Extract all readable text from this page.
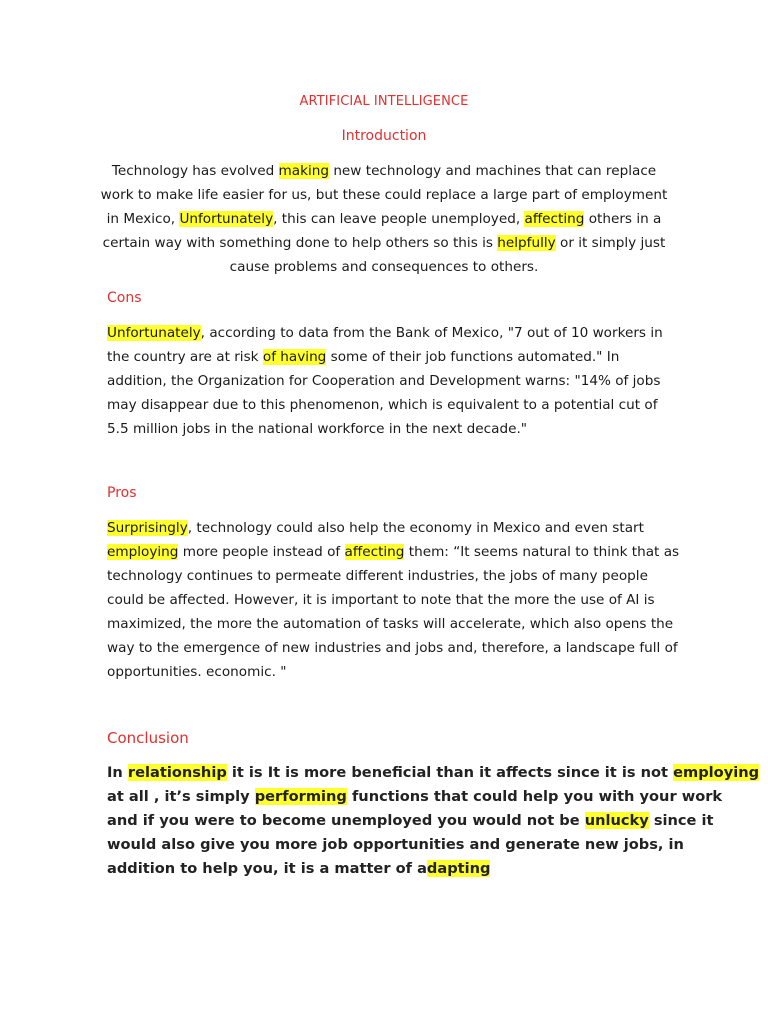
ARTIFICIAL INTELLIGENCE
Introduction

Technology has evolved making new technology and machines that can replace
work to make life easier for us, but these could replace a large part of employment
in Mexico, Unfortunately, this can leave people unemployed, affecting others in a
certain way with something done to help others so this is helpfully or it simply just
cause problems and consequences to others.

Cons

Unfortunately, according to data from the Bank of Mexico, "7 out of 10 workers in
the country are at risk of having some of their job functions automated." In
addition, the Organization for Cooperation and Development warns: "14% of jobs
may disappear due to this phenomenon, which is equivalent to a potential cut of
5.5 million jobs in the national workforce in the next decade."

Pros

Surprisingly, technology could also help the economy in Mexico and even start
employing more people instead of affecting them: “It seems natural to think that as
technology continues to permeate different industries, the jobs of many people
could be affected. However, it is important to note that the more the use of AI is
maximized, the more the automation of tasks will accelerate, which also opens the
way to the emergence of new industries and jobs and, therefore, a landscape full of
opportunities. economic. "

Conclusion

In relationship it is It is more beneficial than it affects since it is not employing
at all , it’s simply performing functions that could help you with your work
and if you were to become unemployed you would not be unlucky since it
would also give you more job opportunities and generate new jobs, in
addition to help you, it is a matter of adapting
